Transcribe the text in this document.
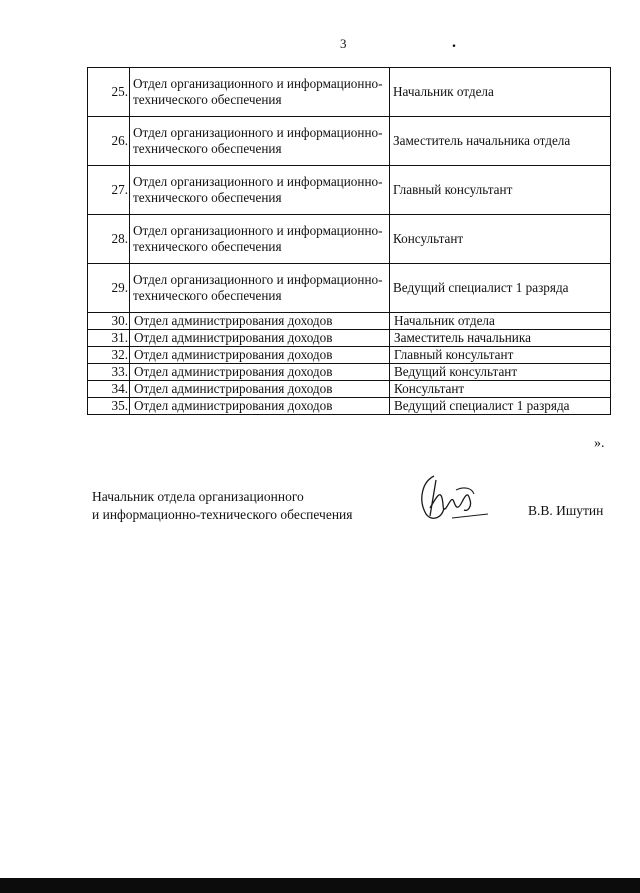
3	.
25.	Отдел организационного и информационно-технического обеспечения	Начальник отдела
26.	Отдел организационного и информационно-технического обеспечения	Заместитель начальника отдела
27.	Отдел организационного и информационно-технического обеспечения	Главный консультант
28.	Отдел организационного и информационно-технического обеспечения	Консультант
29.	Отдел организационного и информационно-технического обеспечения	Ведущий специалист 1 разряда
30.	Отдел администрирования доходов	Начальник отдела
31.	Отдел администрирования доходов	Заместитель начальника
32.	Отдел администрирования доходов	Главный консультант
33.	Отдел администрирования доходов	Ведущий консультант
34.	Отдел администрирования доходов	Консультант
35.	Отдел администрирования доходов	Ведущий специалист 1 разряда
».
Начальник отдела организационного
и информационно-технического обеспечения	В.В. Ишутин
